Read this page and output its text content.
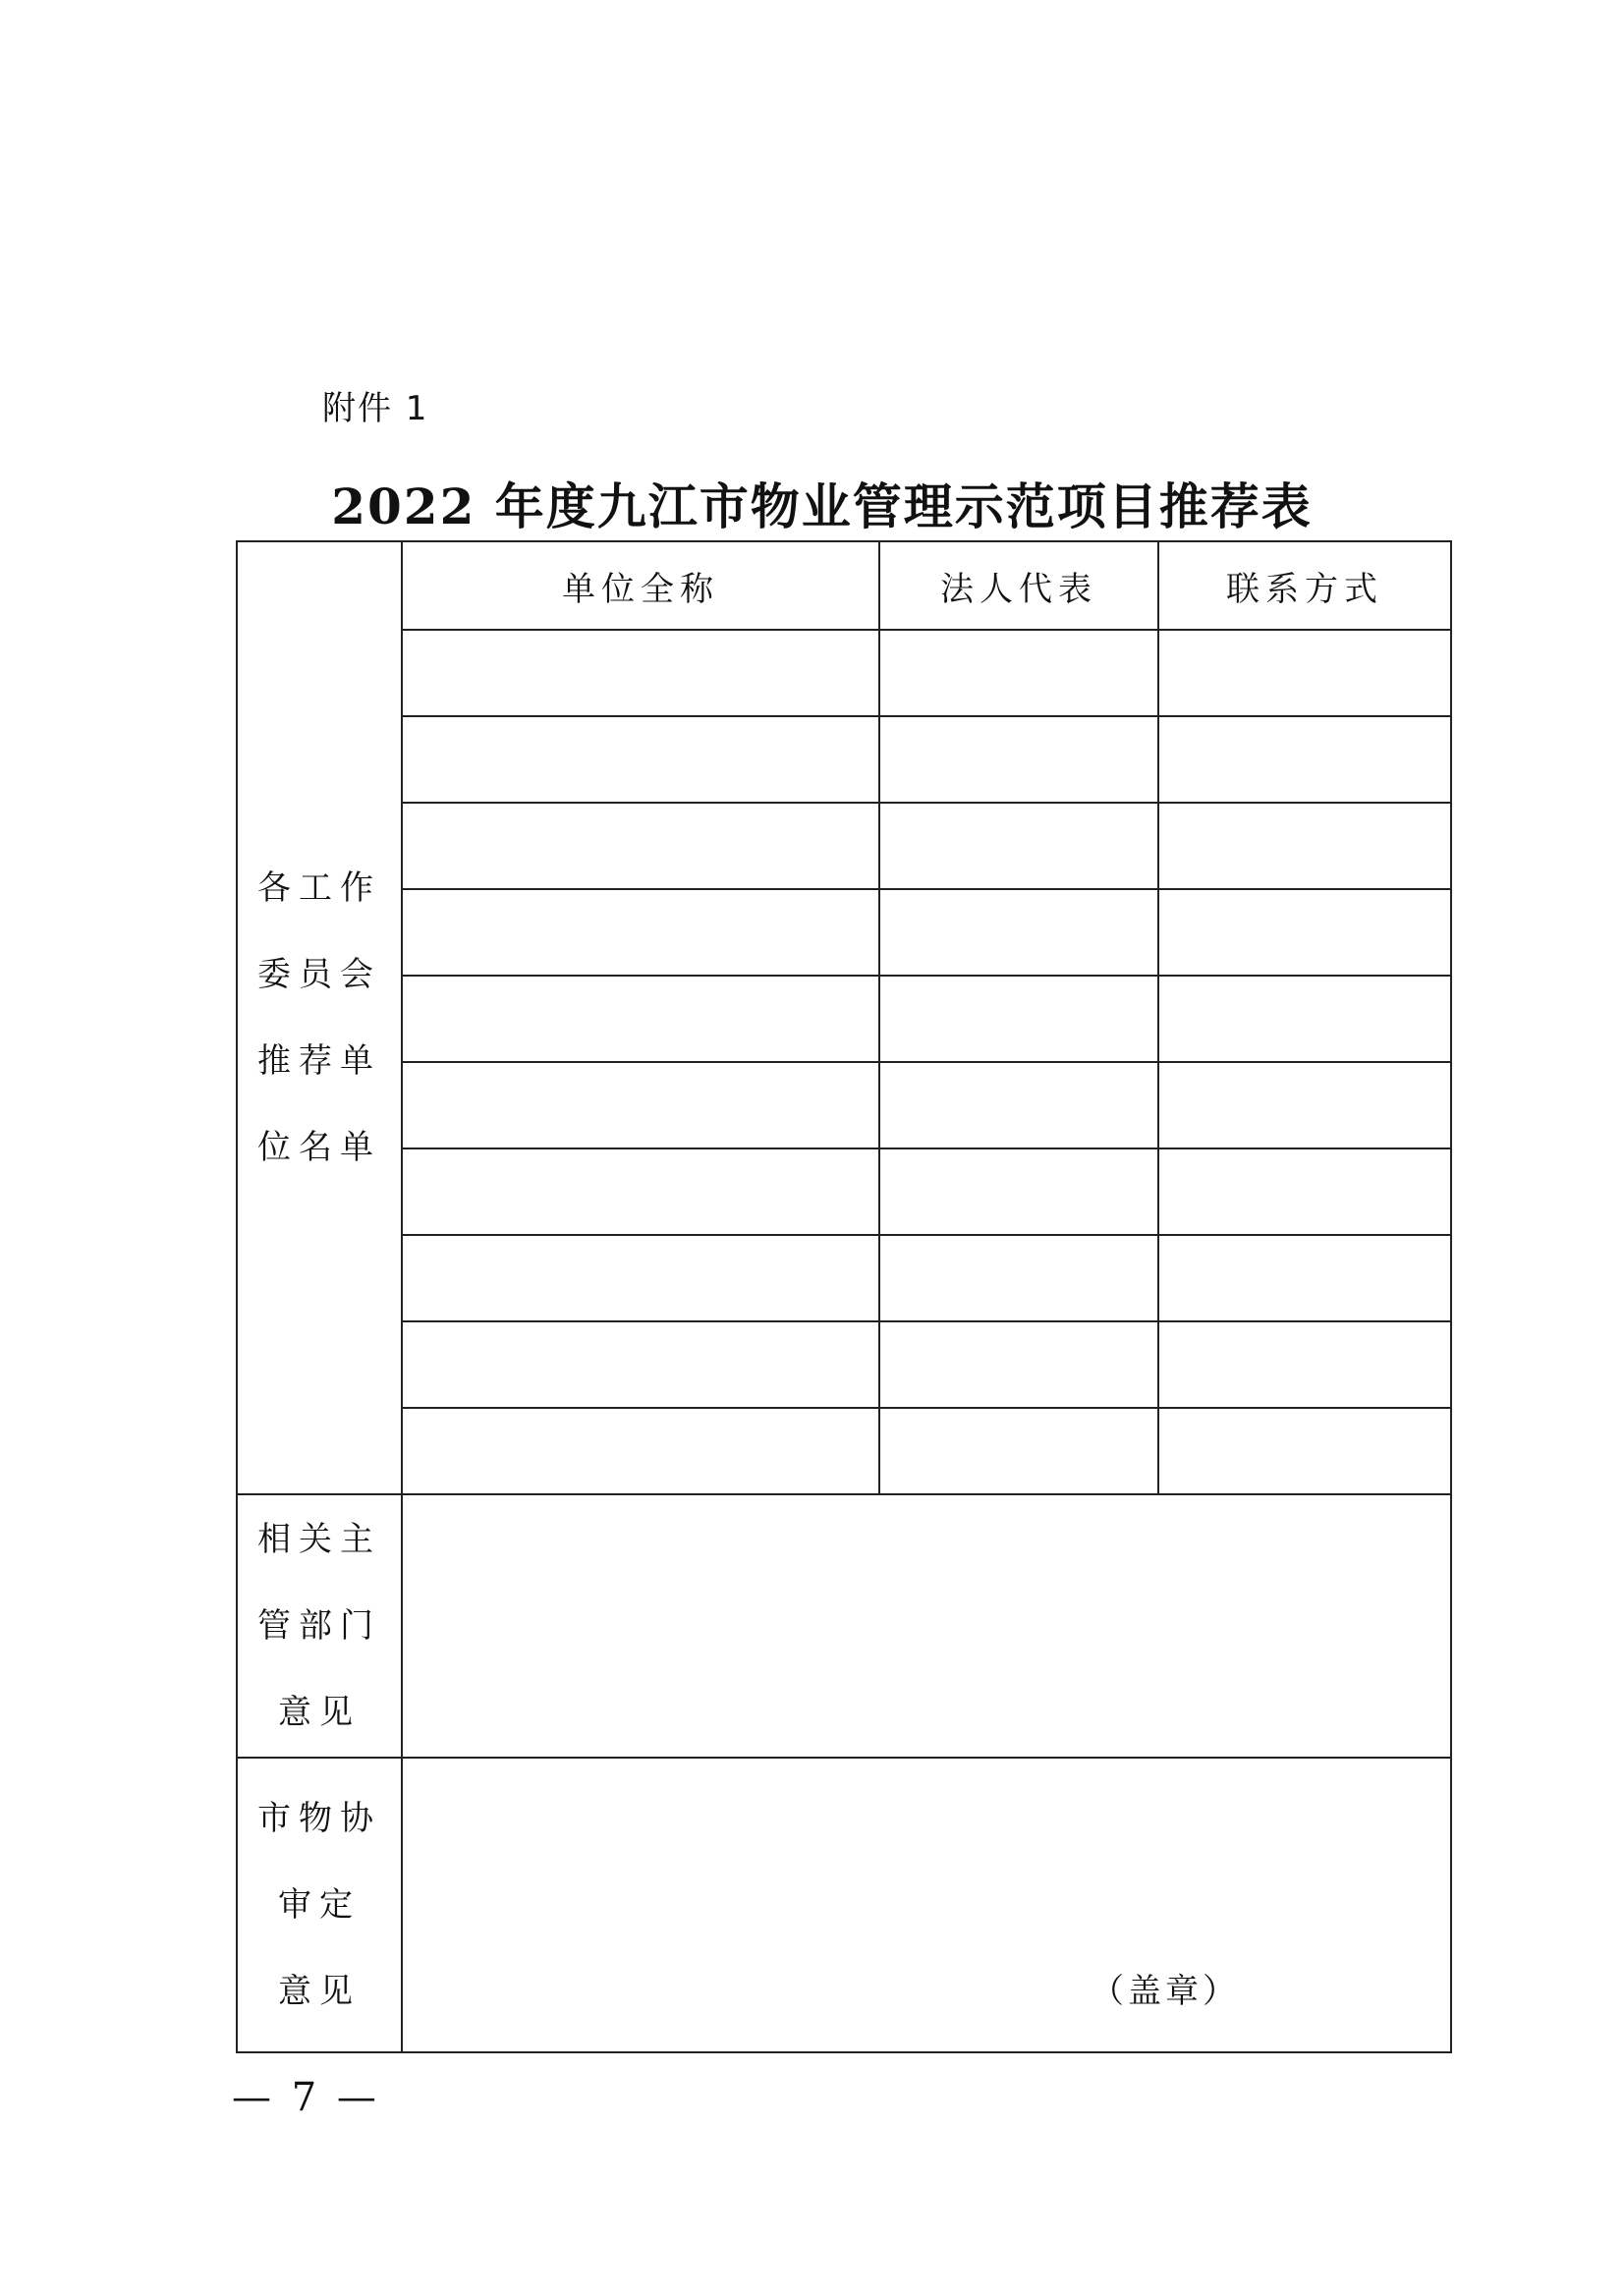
附件 1
2022 年度九江市物业管理示范项目推荐表
各工作
委员会
推荐单
位名单	单位全称	法人代表	联系方式

相关主
管部门
意见			

市物协
审定
意见	（盖章）		
— 7 —
